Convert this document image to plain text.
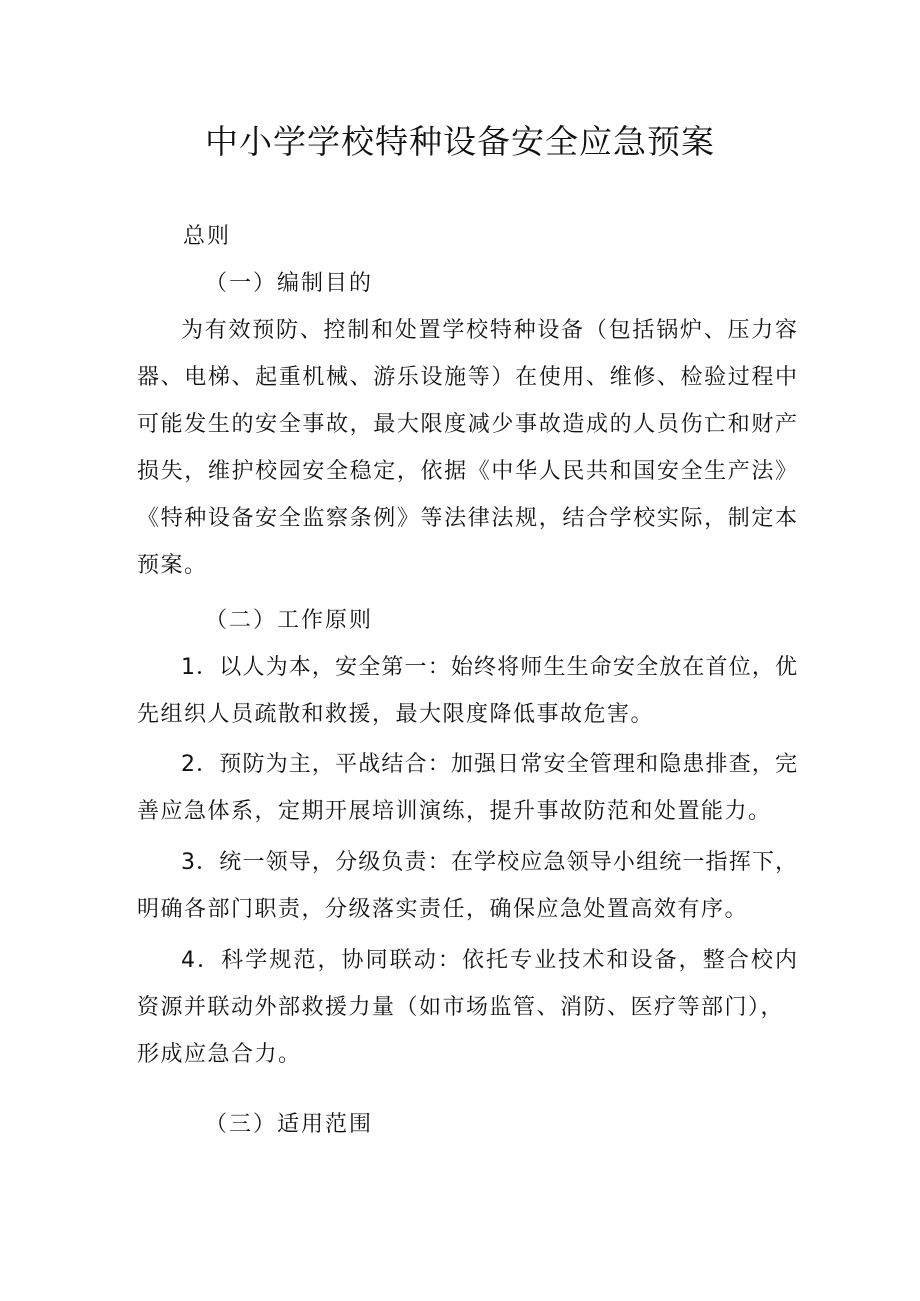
中小学学校特种设备安全应急预案
总则
（一）编制目的
为有效预防、控制和处置学校特种设备（包括锅炉、压力容
器、电梯、起重机械、游乐设施等）在使用、维修、检验过程中
可能发生的安全事故，最大限度减少事故造成的人员伤亡和财产
损失，维护校园安全稳定，依据《中华人民共和国安全生产法》
《特种设备安全监察条例》等法律法规，结合学校实际，制定本
预案。
（二）工作原则
1．以人为本，安全第一：始终将师生生命安全放在首位，优
先组织人员疏散和救援，最大限度降低事故危害。
2．预防为主，平战结合：加强日常安全管理和隐患排查，完
善应急体系，定期开展培训演练，提升事故防范和处置能力。
3．统一领导，分级负责：在学校应急领导小组统一指挥下，
明确各部门职责，分级落实责任，确保应急处置高效有序。
4．科学规范，协同联动：依托专业技术和设备，整合校内
资源并联动外部救援力量（如市场监管、消防、医疗等部门），
形成应急合力。
（三）适用范围
